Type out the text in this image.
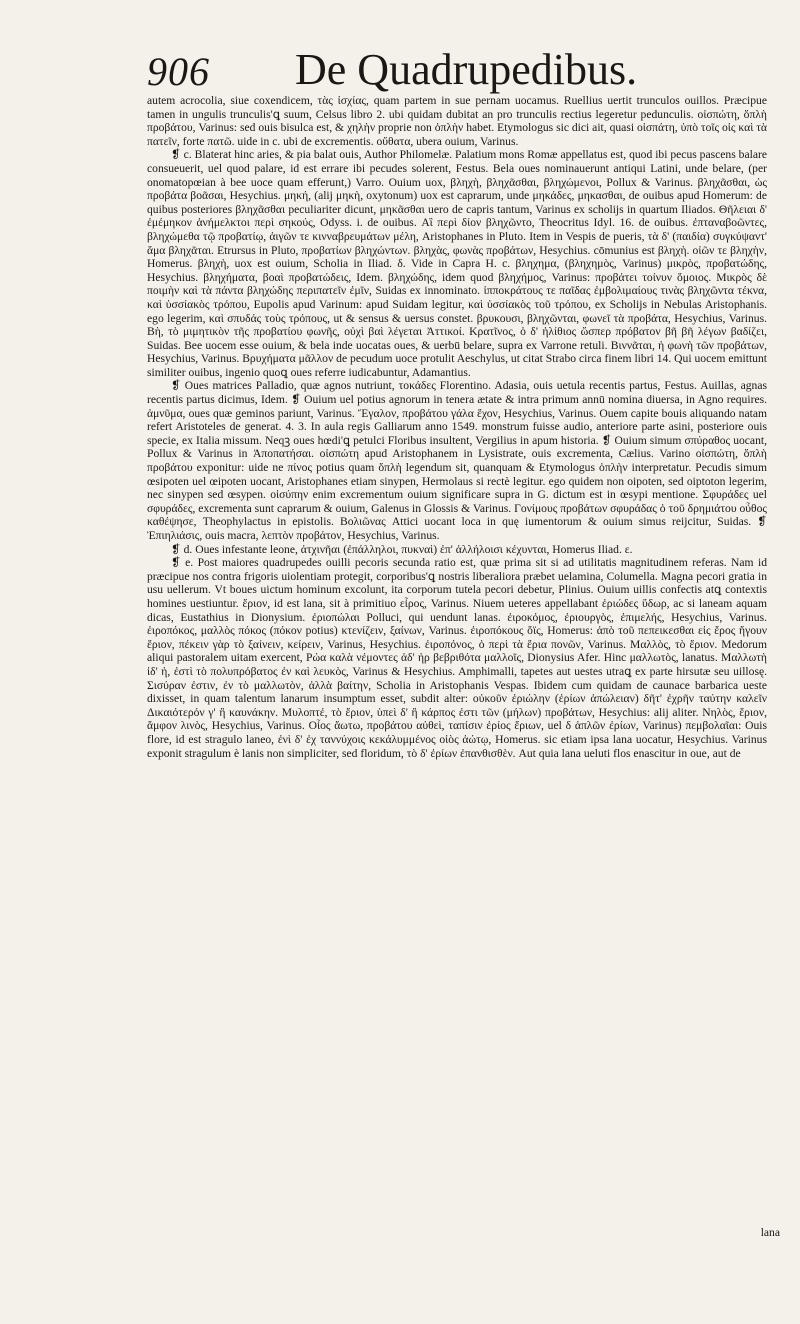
906 De Quadrupedibus.

autem acrocolia, siue coxendicem, τὰς ἰσχίας, quam partem in sue pernam uocamus. Ruellius uertit trunculos ouillos. Præcipue tamen in ungulis trunculis'ꝗ suum, Celsus libro 2. ubi quidam dubitat an pro trunculis rectius legeretur pedunculis. οἰσπώτη, ὅπλὴ προβάτου, Varinus: sed ouis bisulca est, & χηλὴν proprie non ὁπλὴν habet. Etymologus sic dici ait, quasi οἰσπάτη, ὑπὸ τοῖς οἰς καὶ τὰ πατεῖν, forte πατῶ. uide in c. ubi de excrementis. οὔθατα, ubera ouium, Varinus.

❡ c. Blaterat hinc aries, & pia balat ouis, Author Philomelæ. Palatium mons Romæ appellatus est, quod ibi pecus pascens balare consueuerit, uel quod palare, id est errare ibi pecudes solerent, Festus. Bela oues nominauerunt antiqui Latini, unde belare, (per onomatopœian à bee uoce quam efferunt,) Varro. Ouium uox, βληχὴ, βληχᾶσθαι, βληχώμενοι, Pollux & Varinus. βληχᾶσθαι, ὡς προβάτα βοᾶσαι, Hesychius. μηκή, (alij μηκὴ, oxytonum) uox est caprarum, unde μηκάδες, μηκασθαι, de ouibus apud Homerum: de quibus posteriores βληχᾶσθαι peculiariter dicunt, μηκᾶσθαι uero de capris tantum, Varinus ex scholijs in quartum Iliados. Θῆλειαι δ' ἐμέμηκον ἀνήμελκτοι περὶ σηκούς, Odyss. i. de ouibus. Αἳ περὶ δίον βληχῶντο, Theocritus Idyl. 16. de ouibus. ἐπταναβοῶντες, βληχώμεθα τῷ προβατίῳ, ἀιγῶν τε κινναβρευμάτων μέλη, Aristophanes in Pluto. Item in Vespis de pueris, τὰ δ' (παιδία) συγκύψαντ' ἅμα βληχᾶται. Etrursus in Pluto, προβατίων βληχώντων. βληχὰς, φωνὰς προβάτων, Hesychius. cōmunius est βληχὴ. οἰῶν τε βληχὴν, Homerus. βληχὴ, uox est ouium, Scholia in Iliad. δ. Vide in Capra H. c. βληχημα, (βληχημὸς, Varinus) μικρὸς, προβατώδης, Hesychius. βληχήματα, βοαὶ προβατώδεις, Idem. βληχώδης, idem quod βληχήμος, Varinus: προβάτει τοίνυν ὅμοιος. Μικρὸς δὲ ποιμὴν καὶ τὰ πάντα βληχώδης περιπατεῖν ἐμῖν, Suidas ex innominato. ἱπποκράτους τε παῖδας ἐμβολιμαίους τινὰς βληχῶντα τέκνα, καὶ ὑσσίακὸς τρόπου, Eupolis apud Varinum: apud Suidam legitur, καὶ ὑσσίακὸς τοῦ τρόπου, ex Scholijs in Nebulas Aristophanis. ego legerim, καὶ σπυδάς τοὺς τρόπους, ut & sensus & uersus constet. βρυκουσι, βληχῶνται, φωνεῖ τὰ προβάτα, Hesychius, Varinus. Βὴ, τὸ μιμητικὸν τῆς προβατίου φωνῆς, οὐχὶ βαὶ λέγεται Ἀττικοί. Κρατῖνος, ὁ δ' ἠλίθιος ὥσπερ πρόβατον βῆ βῆ λέγων βαδίζει, Suidas. Bee uocem esse ouium, & bela inde uocatas oues, & uerbū belare, supra ex Varrone retuli. Βιννᾶται, ἡ φωνὴ τῶν προβάτων, Hesychius, Varinus. Βρυχήματα μᾶλλον de pecudum uoce protulit Aeschylus, ut citat Strabo circa finem libri 14. Qui uocem emittunt similiter ouibus, ingenio quoꝗ oues referre iudicabuntur, Adamantius.

❡ Oues matrices Palladio, quæ agnos nutriunt, τοκάδες Florentino. Adasia, ouis uetula recentis partus, Festus. Auillas, agnas recentis partus dicimus, Idem. ❡ Ouium uel potius agnorum in tenera ætate & intra primum annū nomina diuersa, in Agno requires. ἀμνῦμα, oues quæ geminos pariunt, Varinus. Ἔγαλον, προβάτου γάλα ἔχον, Hesychius, Varinus. Ouem capite bouis aliquando natam refert Aristoteles de generat. 4. 3. In aula regis Galliarum anno 1549. monstrum fuisse audio, anteriore parte asini, posteriore ouis specie, ex Italia missum. Neqꝫ oues hœdi'ꝗ petulci Floribus insultent, Vergilius in apum historia. ❡ Ouium simum σπύραθος uocant, Pollux & Varinus in Ἀποπατήσαι. οἰσπώτη apud Aristophanem in Lysistrate, ouis excrementa, Cælius. Varino οἰσπώτη, ὅπλὴ προβάτου exponitur: uide ne πίνος potius quam ὅπλὴ legendum sit, quanquam & Etymologus ὁπλὴν interpretatur. Pecudis simum œsipoten uel œipoten uocant, Aristophanes etiam sinypen, Hermolaus si rectè legitur. ego quidem non oipoten, sed oiptoton legerim, nec sinypen sed œsypen. οἰσύπην enim excrementum ouium significare supra in G. dictum est in œsypi mentione. Σφυράδες uel σφυράδες, excrementa sunt caprarum & ouium, Galenus in Glossis & Varinus. Γονίμους προβάτων σφυράδας ὁ τοῦ δρημιάτου οὖθος καθέψησε, Theophylactus in epistolis. Βολιῶνας Attici uocant loca in quę iumentorum & ouium simus reijcitur, Suidas. ❡ Ἐπιηλιάσις, ouis macra, λεπτὸν προβάτον, Hesychius, Varinus.

❡ d. Oues infestante leone, ἀτχινῆαι (ἐπάλληλοι, πυκναὶ) ἐπ' ἀλλήλοισι κέχυνται, Homerus Iliad. ε.

❡ e. Post maiores quadrupedes ouilli pecoris secunda ratio est, quæ prima sit si ad utilitatis magnitudinem referas. Nam id præcipue nos contra frigoris uiolentiam protegit, corporibus'ꝗ nostris liberaliora præbet uelamina, Columella. Magna pecori gratia in usu uellerum. Vt boues uictum hominum excolunt, ita corporum tutela pecori debetur, Plinius. Ouium uillis confectis atꝗ contextis homines uestiuntur. ἔριον, id est lana, sit à primitiuo εἶρος, Varinus. Niuem ueteres appellabant ἐριώδες ὕδωρ, ac si laneam aquam dicas, Eustathius in Dionysium. ἐριοπώλαι Polluci, qui uendunt lanas. ἐιροκόμος, ἐριουργὸς, ἐπιμελής, Hesychius, Varinus. ἐιροπόκος, μαλλὸς πόκος (πόκον potius) κτενίζειν, ξαίνων, Varinus. ἐιροπόκους ὄϊς, Homerus: ἀπὸ τοῦ πεπεικεσθαι εἰς ἔρος ἤγουν ἔριον, πέκειν γὰρ τὸ ξαίνειν, κείρειν, Varinus, Hesychius. ἐιροπόνος, ὁ περὶ τὰ ἔρια πονῶν, Varinus. Μαλλὸς, τὸ ἔριον. Medorum aliqui pastoralem uitam exercent, Ρώα καλὰ νέμοντες ἀδ' ἠρ βεβριθότα μαλλοῖς, Dionysius Afer. Hinc μαλλωτὸς, lanatus. Μαλλωτὴ ἰδ' ἡ, ἐστὶ τὸ πολυπρόβατος ἐν καὶ λευκὸς, Varinus & Hesychius. Amphimalli, tapetes aut uestes utraꝗ ex parte hirsutæ seu uillosę. Σισύραν ἐστιν, ἐν τὸ μαλλωτὸν, ἀλλὰ βαίτην, Scholia in Aristophanis Vespas. Ibidem cum quidam de caunace barbarica ueste dixisset, in quam talentum lanarum insumptum esset, subdit alter: οὐκοῦν ἐριώλην (ἐρίων ἀπώλειαν) δῆτ' ἐχρῆν ταύτην καλεῖν Δικαιότερόν γ' ἢ καυνάκην. Μυλοπτέ, τὸ ἔριον, ὑπεὶ δ' ἢ κάρπος ἐστι τῶν (μήλων) προβάτων, Hesychius: alij aliter. Νηλὸς, ἔριον, ἄμφον λινὸς, Hesychius, Varinus. Οἶος ἄωτω, προβάτου αὐθεὶ, ταπίσιν ἐρίος ἔριων, uel δ ἀπλῶν ἐρίων, Varinus) πεμβολαῖαι: Ouis flore, id est stragulo laneo, ἐνὶ δ' ἐχ ταννύχοις κεκάλυμμένος οἰὸς ἀώτῳ, Homerus. sic etiam ipsa lana uocatur, Hesychius. Varinus exponit stragulum è lanis non simpliciter, sed floridum, τὸ δ' ἐρίων ἐπανθισθὲν. Aut quia lana ueluti flos enascitur in oue, aut de

lana
